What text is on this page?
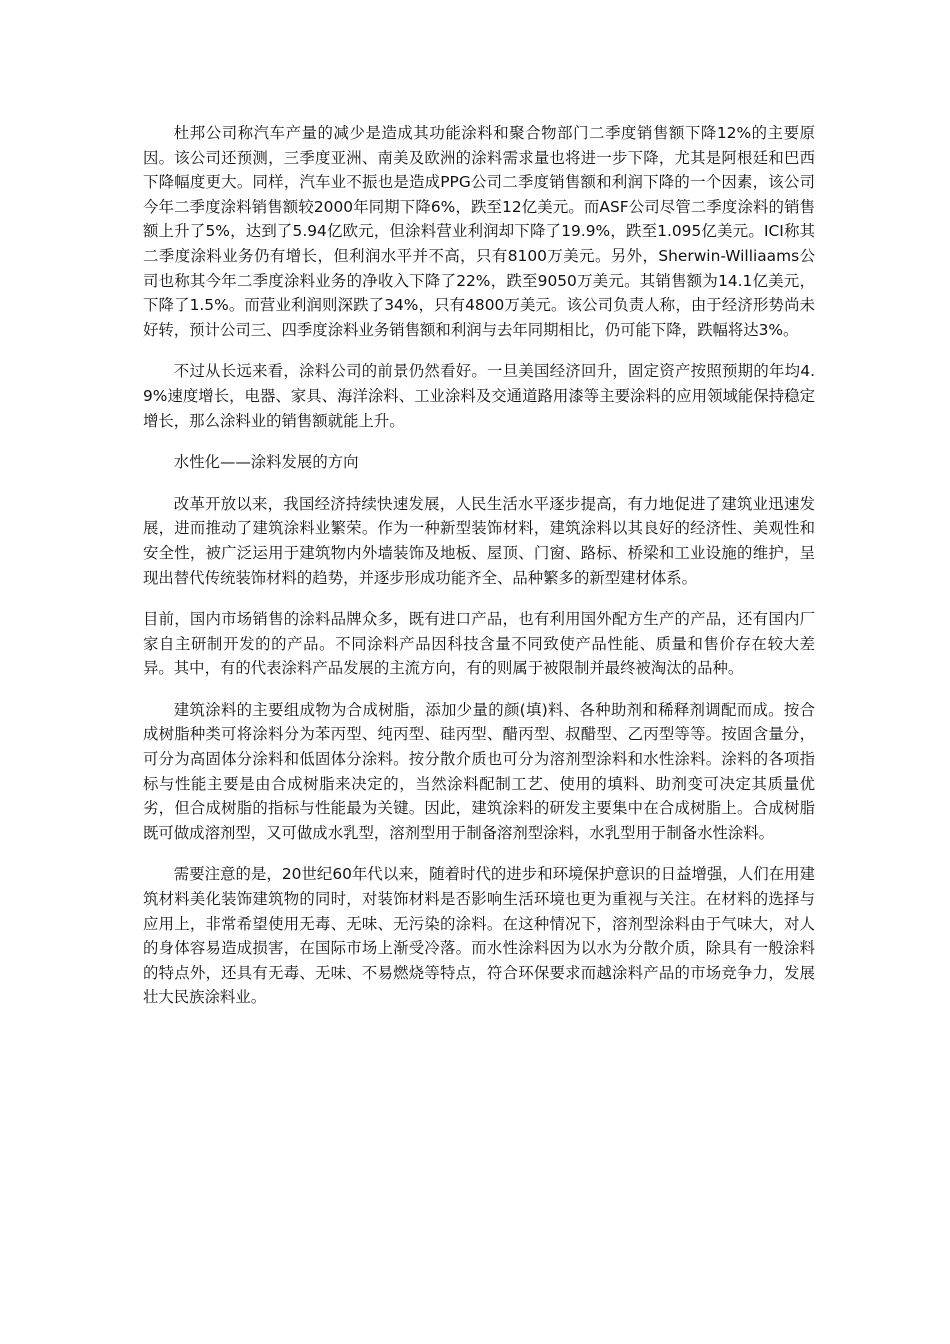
杜邦公司称汽车产量的减少是造成其功能涂料和聚合物部门二季度销售额下降12%的主要原因。该公司还预测，三季度亚洲、南美及欧洲的涂料需求量也将进一步下降，尤其是阿根廷和巴西下降幅度更大。同样，汽车业不振也是造成PPG公司二季度销售额和利润下降的一个因素，该公司今年二季度涂料销售额较2000年同期下降6%，跌至12亿美元。而ASF公司尽管二季度涂料的销售额上升了5%，达到了5.94亿欧元，但涂料营业利润却下降了19.9%，跌至1.095亿美元。ICI称其二季度涂料业务仍有增长，但利润水平并不高，只有8100万美元。另外，Sherwin-Williaams公司也称其今年二季度涂料业务的净收入下降了22%，跌至9050万美元。其销售额为14.1亿美元，下降了1.5%。而营业利润则深跌了34%，只有4800万美元。该公司负责人称，由于经济形势尚未好转，预计公司三、四季度涂料业务销售额和利润与去年同期相比，仍可能下降，跌幅将达3%。

不过从长远来看，涂料公司的前景仍然看好。一旦美国经济回升，固定资产按照预期的年均4.9%速度增长，电器、家具、海洋涂料、工业涂料及交通道路用漆等主要涂料的应用领域能保持稳定增长，那么涂料业的销售额就能上升。

水性化——涂料发展的方向

改革开放以来，我国经济持续快速发展，人民生活水平逐步提高，有力地促进了建筑业迅速发展，进而推动了建筑涂料业繁荣。作为一种新型装饰材料，建筑涂料以其良好的经济性、美观性和安全性，被广泛运用于建筑物内外墙装饰及地板、屋顶、门窗、路标、桥梁和工业设施的维护，呈现出替代传统装饰材料的趋势，并逐步形成功能齐全、品种繁多的新型建材体系。

目前，国内市场销售的涂料品牌众多，既有进口产品，也有利用国外配方生产的产品，还有国内厂家自主研制开发的的产品。不同涂料产品因科技含量不同致使产品性能、质量和售价存在较大差异。其中，有的代表涂料产品发展的主流方向，有的则属于被限制并最终被淘汰的品种。

建筑涂料的主要组成物为合成树脂，添加少量的颜(填)料、各种助剂和稀释剂调配而成。按合成树脂种类可将涂料分为苯丙型、纯丙型、硅丙型、醋丙型、叔醋型、乙丙型等等。按固含量分，可分为高固体分涂料和低固体分涂料。按分散介质也可分为溶剂型涂料和水性涂料。涂料的各项指标与性能主要是由合成树脂来决定的，当然涂料配制工艺、使用的填料、助剂变可决定其质量优劣，但合成树脂的指标与性能最为关键。因此，建筑涂料的研发主要集中在合成树脂上。合成树脂既可做成溶剂型，又可做成水乳型，溶剂型用于制备溶剂型涂料，水乳型用于制备水性涂料。

需要注意的是，20世纪60年代以来，随着时代的进步和环境保护意识的日益增强，人们在用建筑材料美化装饰建筑物的同时，对装饰材料是否影响生活环境也更为重视与关注。在材料的选择与应用上，非常希望使用无毒、无味、无污染的涂料。在这种情况下，溶剂型涂料由于气味大，对人的身体容易造成损害，在国际市场上渐受冷落。而水性涂料因为以水为分散介质，除具有一般涂料的特点外，还具有无毒、无味、不易燃烧等特点，符合环保要求而越涂料产品的市场竞争力，发展壮大民族涂料业。
